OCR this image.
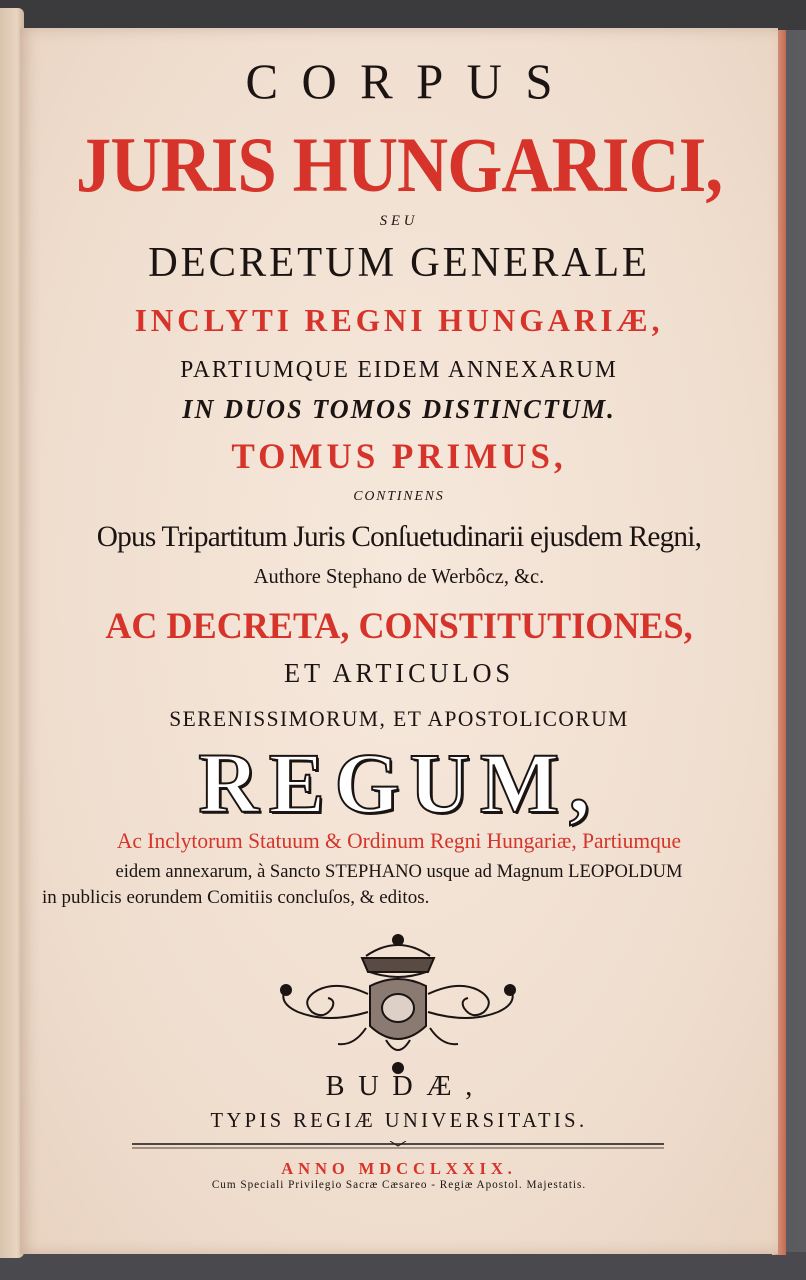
CORPUS
JURIS HUNGARICI,
SEU
DECRETUM GENERALE
INCLYTI REGNI HUNGARIÆ,
PARTIUMQUE EIDEM ANNEXARUM
IN DUOS TOMOS DISTINCTUM.
TOMUS PRIMUS,
CONTINENS
Opus Tripartitum Juris Conſuetudinarii ejusdem Regni,
Authore Stephano de Werbôcz, &c.
AC DECRETA, CONSTITUTIONES,
ET ARTICULOS
SERENISSIMORUM, ET APOSTOLICORUM
REGUM,
Ac Inclytorum Statuum & Ordinum Regni Hungariæ, Partiumque
eidem annexarum, à Sancto STEPHANO usque ad Magnum LEOPOLDUM
in publicis eorundem Comitiis concluſos, & editos.
BUDÆ,
TYPIS REGIÆ UNIVERSITATIS.
ANNO MDCCLXXIX.
Cum Speciali Privilegio Sacræ Cæsareo - Regiæ Apostol. Majestatis.
